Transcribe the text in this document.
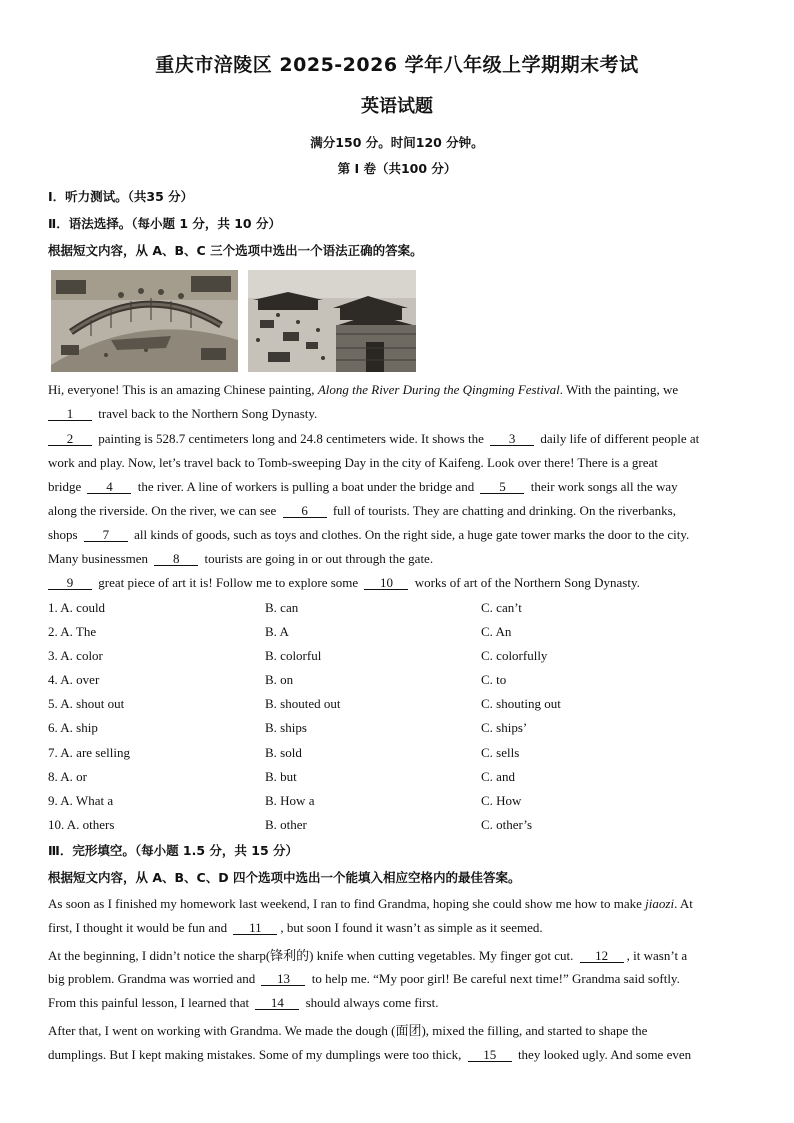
重庆市涪陵区 2025-2026 学年八年级上学期期末考试
英语试题
满分150 分。时间120 分钟。
第 I 卷（共100 分）
Ⅰ．听力测试。（共35 分）
Ⅱ．语法选择。（每小题 1 分，共 10 分）
根据短文内容，从 A、B、C 三个选项中选出一个语法正确的答案。
Hi, everyone! This is an amazing Chinese painting, Along the River During the Qingming Festival. With the painting, we
1 travel back to the Northern Song Dynasty.
2 painting is 528.7 centimeters long and 24.8 centimeters wide. It shows the 3 daily life of different people at
work and play. Now, let’s travel back to Tomb-sweeping Day in the city of Kaifeng. Look over there! There is a great
bridge 4 the river. A line of workers is pulling a boat under the bridge and 5 their work songs all the way
along the riverside. On the river, we can see 6 full of tourists. They are chatting and drinking. On the riverbanks,
shops 7 all kinds of goods, such as toys and clothes. On the right side, a huge gate tower marks the door to the city.
Many businessmen 8 tourists are going in or out through the gate.
9 great piece of art it is! Follow me to explore some 10 works of art of the Northern Song Dynasty.
1. A. could	B. can	C. can’t
2. A. The	B. A	C. An
3. A. color	B. colorful	C. colorfully
4. A. over	B. on	C. to
5. A. shout out	B. shouted out	C. shouting out
6. A. ship	B. ships	C. ships’
7. A. are selling	B. sold	C. sells
8. A. or	B. but	C. and
9. A. What a	B. How a	C. How
10. A. others	B. other	C. other’s
Ⅲ．完形填空。（每小题 1.5 分，共 15 分）
根据短文内容，从 A、B、C、D 四个选项中选出一个能填入相应空格内的最佳答案。
As soon as I finished my homework last weekend, I ran to find Grandma, hoping she could show me how to make jiaozi. At
first, I thought it would be fun and 11 , but soon I found it wasn’t as simple as it seemed.
At the beginning, I didn’t notice the sharp(锋利的) knife when cutting vegetables. My finger got cut. 12 , it wasn’t a
big problem. Grandma was worried and 13 to help me. “My poor girl! Be careful next time!” Grandma said softly.
From this painful lesson, I learned that 14 should always come first.
After that, I went on working with Grandma. We made the dough (面团), mixed the filling, and started to shape the
dumplings. But I kept making mistakes. Some of my dumplings were too thick, 15 they looked ugly. And some even
